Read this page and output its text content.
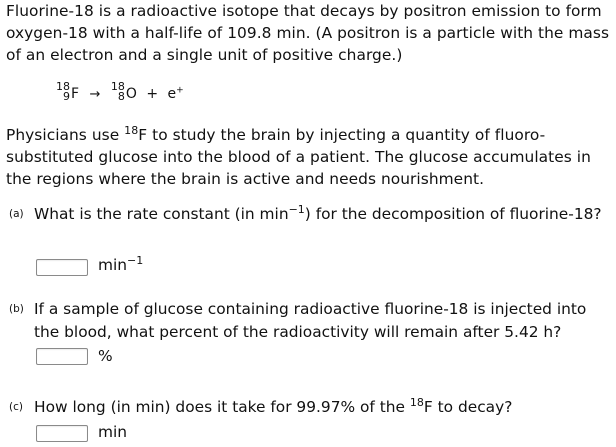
Fluorine-18 is a radioactive isotope that decays by positron emission to form oxygen-18 with a half-life of 109.8 min. (A positron is a particle with the mass of an electron and a single unit of positive charge.)
18
9 F →
18
8 O + e+
Physicians use $^{18}$F to study the brain by injecting a quantity of fluoro-substituted glucose into the blood of a patient. The glucose accumulates in the regions where the brain is active and needs nourishment.
(a) What is the rate constant (in $\min^{-1}$) for the decomposition of fluorine-18?
$\min^{-1}$
(b) If a sample of glucose containing radioactive fluorine-18 is injected into the blood, what percent of the radioactivity will remain after 5.42 h?
%
(c) How long (in min) does it take for 99.97% of the $^{18}$F to decay?
min
